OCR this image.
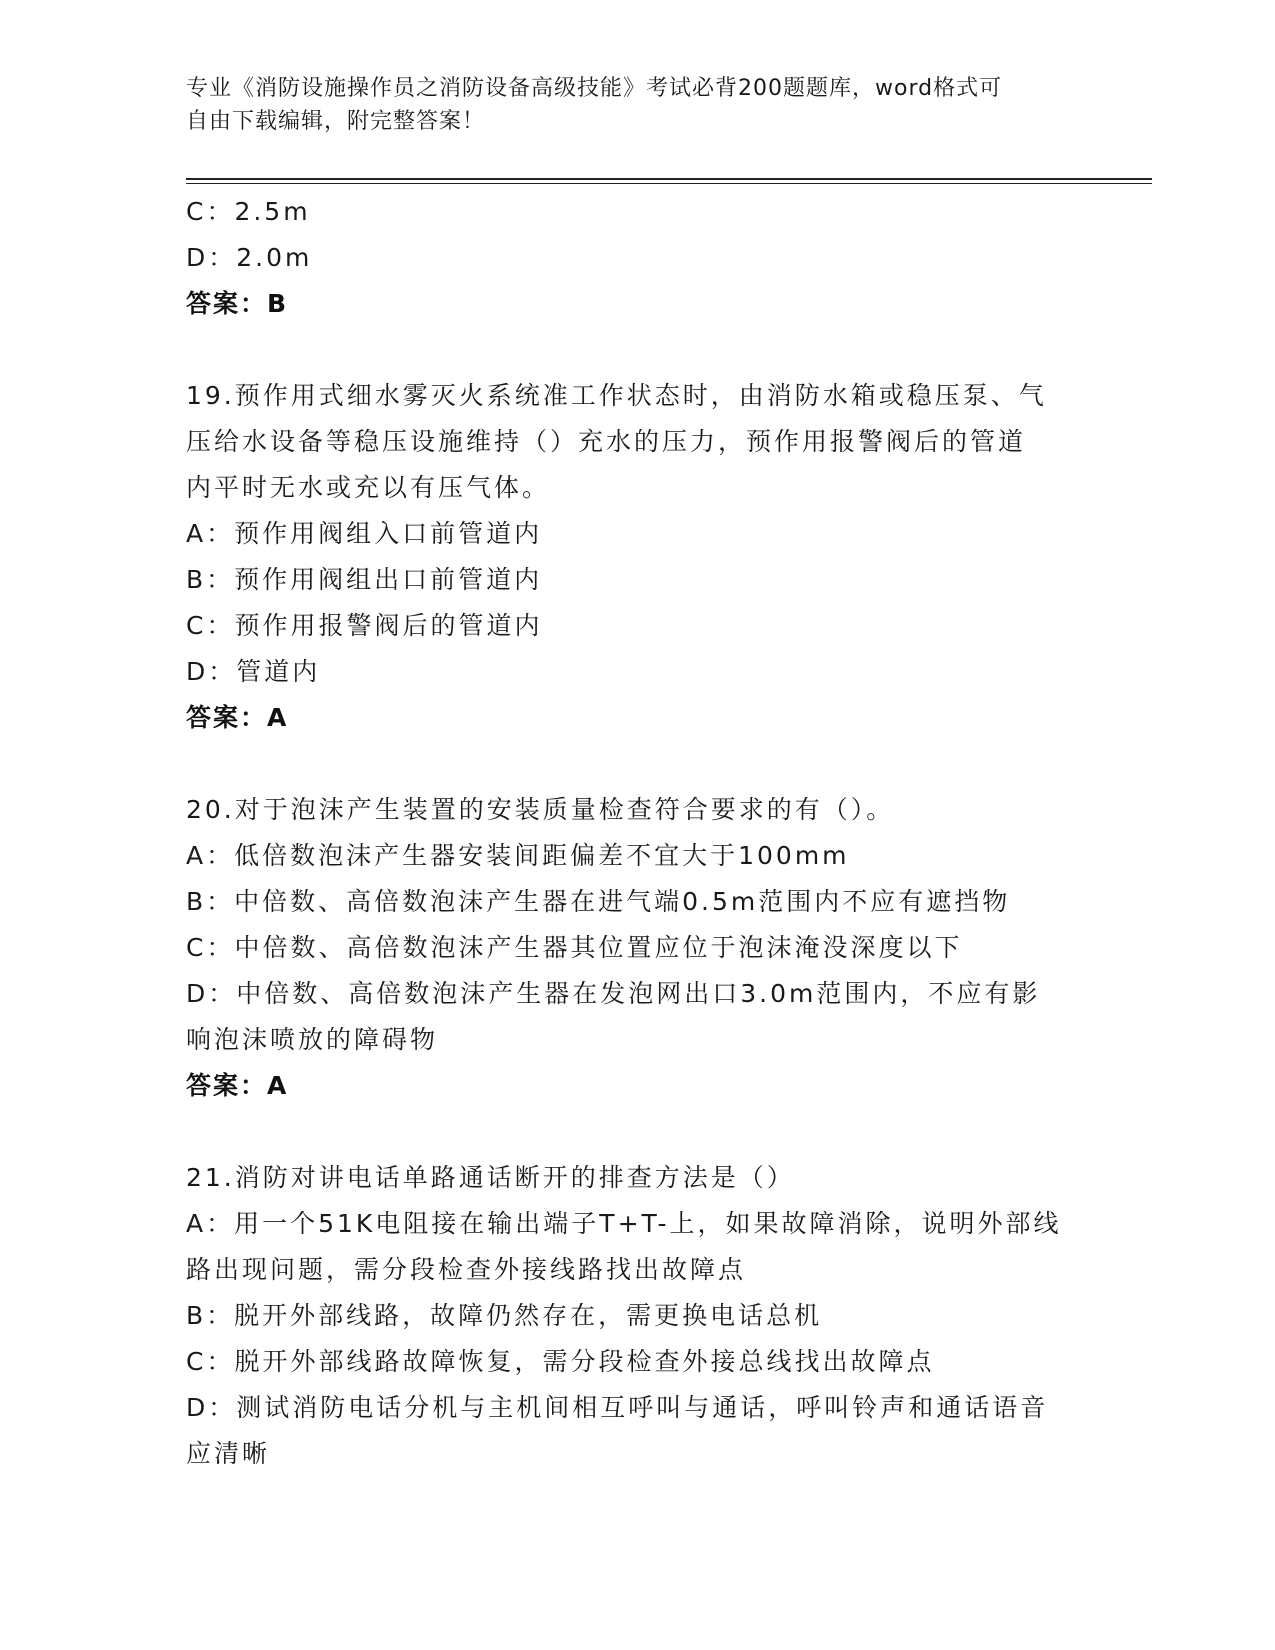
专业《消防设施操作员之消防设备高级技能》考试必背200题题库，word格式可
自由下载编辑，附完整答案！
C：2.5m
D：2.0m
答案：B
19.预作用式细水雾灭火系统准工作状态时，由消防水箱或稳压泵、气
压给水设备等稳压设施维持（）充水的压力，预作用报警阀后的管道
内平时无水或充以有压气体。
A：预作用阀组入口前管道内
B：预作用阀组出口前管道内
C：预作用报警阀后的管道内
D：管道内
答案：A
20.对于泡沫产生装置的安装质量检查符合要求的有（）。
A：低倍数泡沫产生器安装间距偏差不宜大于100mm
B：中倍数、高倍数泡沫产生器在进气端0.5m范围内不应有遮挡物
C：中倍数、高倍数泡沫产生器其位置应位于泡沫淹没深度以下
D：中倍数、高倍数泡沫产生器在发泡网出口3.0m范围内，不应有影
响泡沫喷放的障碍物
答案：A
21.消防对讲电话单路通话断开的排查方法是（）
A：用一个51K电阻接在输出端子T+T-上，如果故障消除，说明外部线
路出现问题，需分段检查外接线路找出故障点
B：脱开外部线路，故障仍然存在，需更换电话总机
C：脱开外部线路故障恢复，需分段检查外接总线找出故障点
D：测试消防电话分机与主机间相互呼叫与通话，呼叫铃声和通话语音
应清晰
